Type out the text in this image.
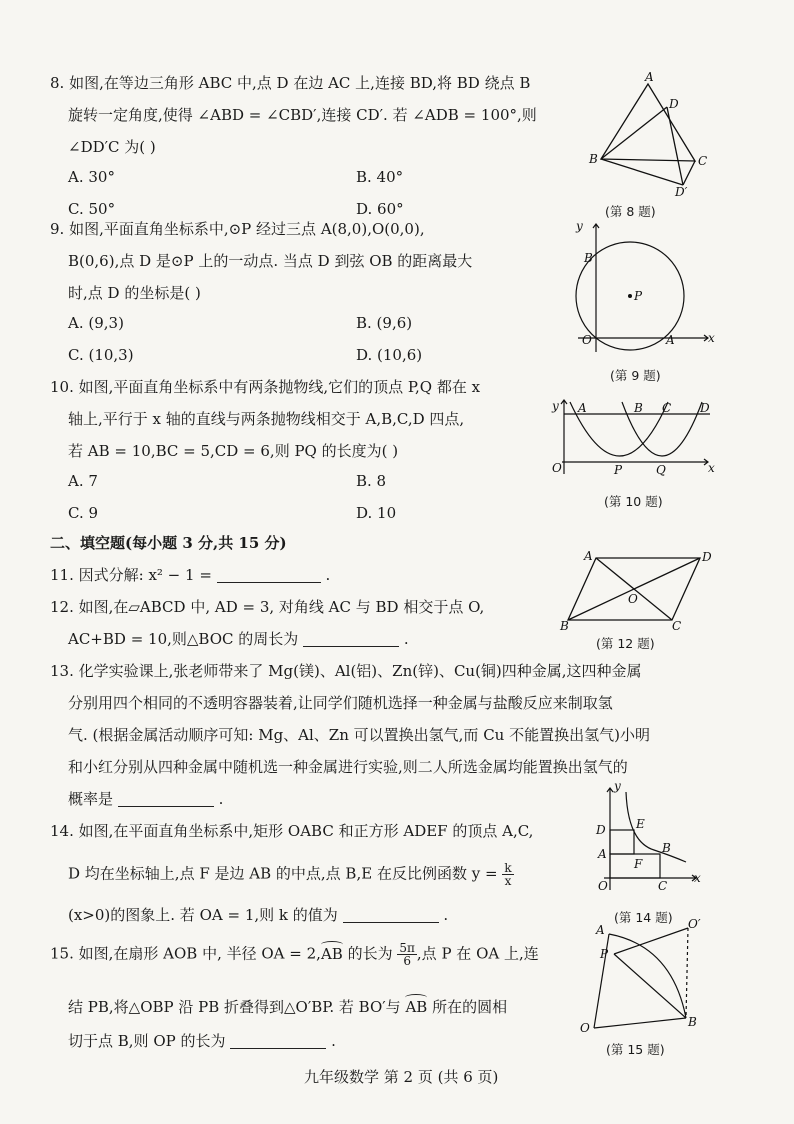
8. 如图,在等边三角形 ABC 中,点 D 在边 AC 上,连接 BD,将 BD 绕点 B
旋转一定角度,使得 ∠ABD = ∠CBD′,连接 CD′. 若 ∠ADB = 100°,则
∠DD′C 为( )
A. 30°	B. 40°
C. 50°	D. 60°
A
D
B	C
D′
(第 8 题)
9. 如图,平面直角坐标系中,⊙P 经过三点 A(8,0),O(0,0),
B(0,6),点 D 是⊙P 上的一动点. 当点 D 到弦 OB 的距离最大
时,点 D 的坐标是( )
A. (9,3)	B. (9,6)
C. (10,3)	D. (10,6)
y
x
B
P
O	A
(第 9 题)
10. 如图,平面直角坐标系中有两条抛物线,它们的顶点 P,Q 都在 x
轴上,平行于 x 轴的直线与两条抛物线相交于 A,B,C,D 四点,
若 AB = 10,BC = 5,CD = 6,则 PQ 的长度为( )
A. 7	B. 8
C. 9	D. 10
y A	B C D
O	P	Q	x
(第 10 题)
二、填空题(每小题 3 分,共 15 分)
11. 因式分解: x² − 1 =	.
12. 如图,在▱ABCD 中, AD = 3, 对角线 AC 与 BD 相交于点 O,
AC+BD = 10,则△BOC 的周长为	.
A	D
O
B	C
(第 12 题)
13. 化学实验课上,张老师带来了 Mg(镁)、Al(铝)、Zn(锌)、Cu(铜)四种金属,这四种金属
分别用四个相同的不透明容器装着,让同学们随机选择一种金属与盐酸反应来制取氢
气. (根据金属活动顺序可知: Mg、Al、Zn 可以置换出氢气,而 Cu 不能置换出氢气)小明
和小红分别从四种金属中随机选一种金属进行实验,则二人所选金属均能置换出氢气的
概率是	.
14. 如图,在平面直角坐标系中,矩形 OABC 和正方形 ADEF 的顶点 A,C,
D 均在坐标轴上,点 F 是边 AB 的中点,点 B,E 在反比例函数 $y = \frac{k}{x}$
(x>0)的图象上. 若 OA = 1,则 k 的值为	.
y
D	E
A	B
F
O	C
x
(第 14 题)
15. 如图,在扇形 AOB 中, 半径 OA = 2,AB 的长为 $\frac{5\pi}{6}$ ,点 P 在 OA 上,连
结 PB,将△OBP 沿 PB 折叠得到△O′BP. 若 BO′与 AB 所在的圆相
切于点 B,则 OP 的长为	.
A	O′
P
O	B
(第 15 题)
九年级数学 第 2 页 (共 6 页)
